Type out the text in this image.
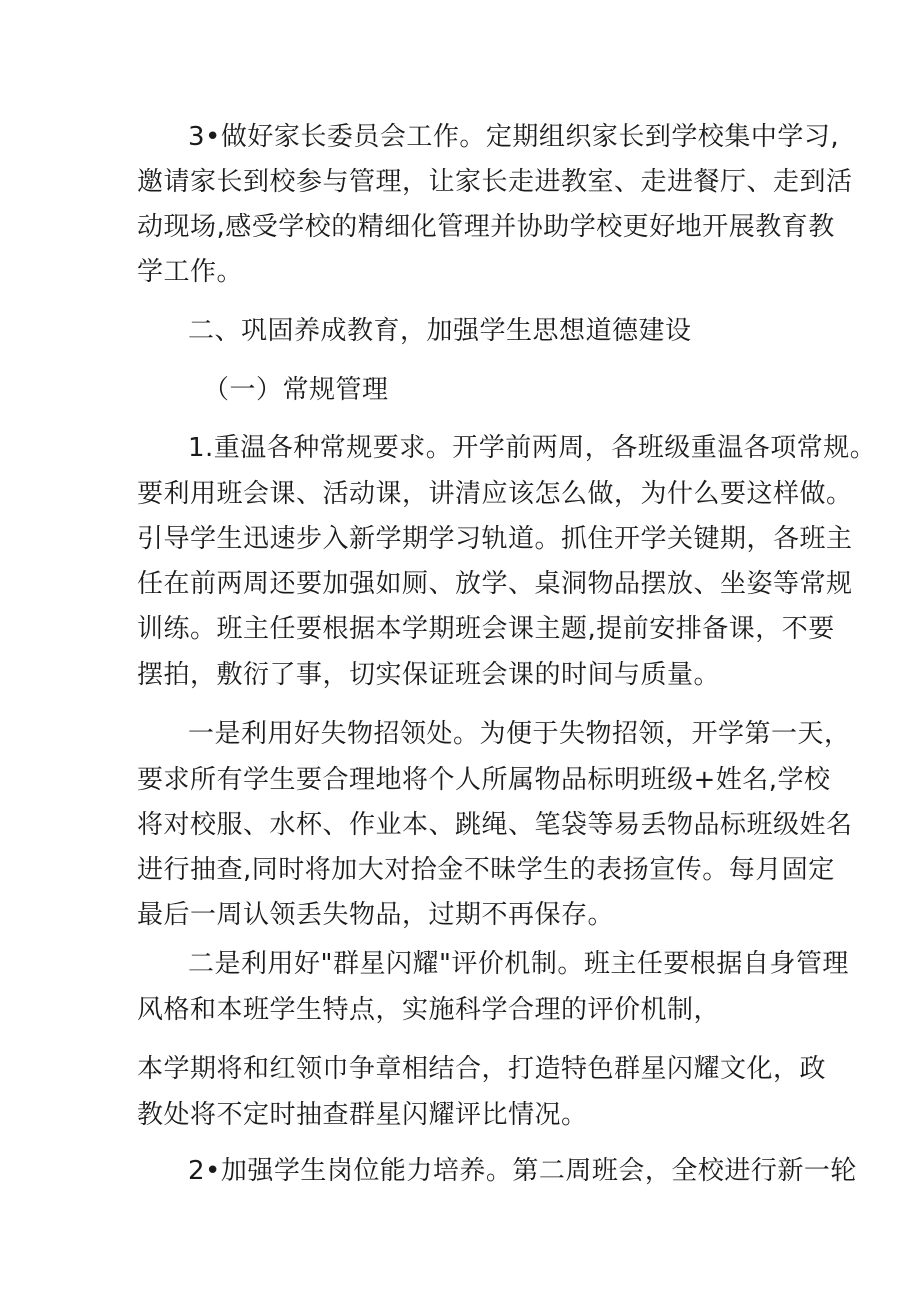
3•做好家长委员会工作。定期组织家长到学校集中学习,
邀请家长到校参与管理，让家长走进教室、走进餐厅、走到活
动现场,感受学校的精细化管理并协助学校更好地开展教育教
学工作。
二、巩固养成教育，加强学生思想道德建设
（一）常规管理
1.重温各种常规要求。开学前两周，各班级重温各项常规。
要利用班会课、活动课，讲清应该怎么做，为什么要这样做。
引导学生迅速步入新学期学习轨道。抓住开学关键期，各班主
任在前两周还要加强如厕、放学、桌洞物品摆放、坐姿等常规
训练。班主任要根据本学期班会课主题,提前安排备课，不要
摆拍，敷衍了事，切实保证班会课的时间与质量。
一是利用好失物招领处。为便于失物招领，开学第一天，
要求所有学生要合理地将个人所属物品标明班级+姓名,学校
将对校服、水杯、作业本、跳绳、笔袋等易丢物品标班级姓名
进行抽查,同时将加大对拾金不昧学生的表扬宣传。每月固定
最后一周认领丢失物品，过期不再保存。
二是利用好"群星闪耀"评价机制。班主任要根据自身管理
风格和本班学生特点，实施科学合理的评价机制，
本学期将和红领巾争章相结合，打造特色群星闪耀文化，政
教处将不定时抽查群星闪耀评比情况。
2•加强学生岗位能力培养。第二周班会，全校进行新一轮
